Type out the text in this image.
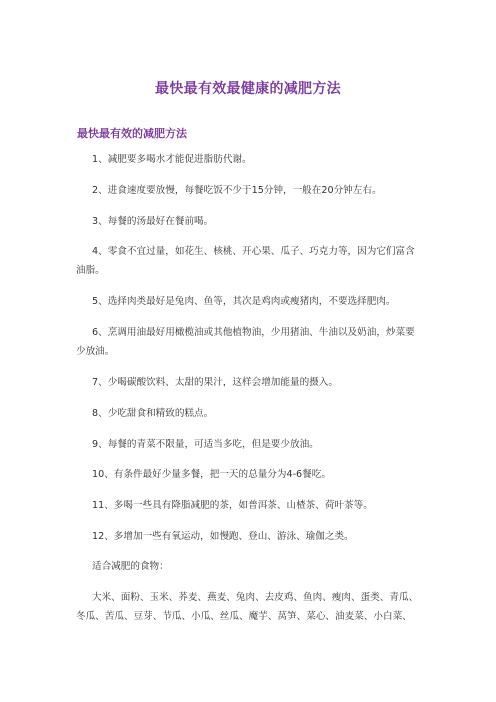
最快最有效最健康的减肥方法
最快最有效的减肥方法

1、减肥要多喝水才能促进脂肪代谢。

2、进食速度要放慢，每餐吃饭不少于15分钟，一般在20分钟左右。

3、每餐的汤最好在餐前喝。

4、零食不宜过量，如花生、核桃、开心果、瓜子、巧克力等，因为它们富含油脂。

5、选择肉类最好是兔肉、鱼等，其次是鸡肉或瘦猪肉，不要选择肥肉。

6、烹调用油最好用橄榄油或其他植物油，少用猪油、牛油以及奶油，炒菜要少放油。

7、少喝碳酸饮料、太甜的果汁，这样会增加能量的摄入。

8、少吃甜食和精致的糕点。

9、每餐的青菜不限量，可适当多吃，但是要少放油。

10、有条件最好少量多餐，把一天的总量分为4-6餐吃。

11、多喝一些具有降脂减肥的茶，如普洱茶、山楂茶、荷叶茶等。

12、多增加一些有氧运动，如慢跑、登山、游泳、瑜伽之类。

适合减肥的食物：

大米、面粉、玉米、荞麦、燕麦、兔肉、去皮鸡、鱼肉、瘦肉、蛋类、青瓜、冬瓜、苦瓜、豆芽、节瓜、小瓜、丝瓜、魔芋、莴笋、菜心、油麦菜、小白菜、
